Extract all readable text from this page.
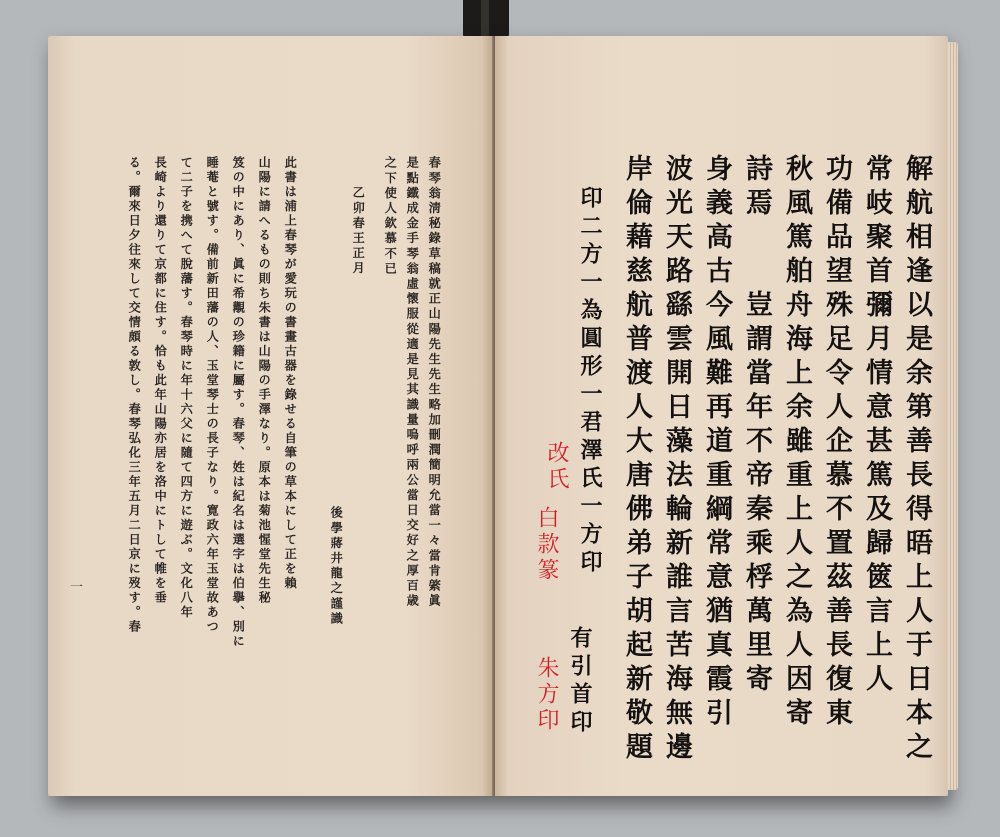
春琴翁淸秘錄草稿就正山陽先生先生略加刪潤簡明允當一々當肯綮眞
是點鐵成金手琴翁虛懷服從適是見其識量嗚呼兩公當日交好之厚百歳
之下使人欽慕不已
乙卯春王正月
後學蔣井龍之謹識
此書は浦上春琴が愛玩の書畫古器を錄せる自筆の草本にして正を賴
山陽に請へるもの則ち朱書は山陽の手澤なり。原本は菊池惺堂先生秘
笈の中にあり、眞に希覯の珍籍に屬す。春琴、姓は紀名は選字は伯擧、別に
睡菴と號す。備前新田藩の人、玉堂琴士の長子なり。寛政六年玉堂故あつ
て二子を携へて脫藩す。春琴時に年十六父に隨て四方に遊ぶ。文化八年
長崎より還りて京都に住す。恰も此年山陽亦居を洛中にトして帷を垂
る。爾來日夕往來して交情頗る敦し。春琴弘化三年五月二日京に歿す。春
一	解航相逢以是余第善長得晤上人于日本之
常岐聚首彌月情意甚篤及歸篋言上人
功備品望殊足令人企慕不置茲善長復東
秋風篤舶舟海上余雖重上人之為人因寄
詩焉　　豈謂當年不帝秦乘桴萬里寄
身義高古今風難再道重綱常意猶真霞引
波光天路繇雲開日藻法輪新誰言苦海無邊
岸倫藉慈航普渡人大唐佛弟子胡起新敬題
印二方一為圓形一君澤氏一方印
有引首印
改氏
白款篆
朱方印
